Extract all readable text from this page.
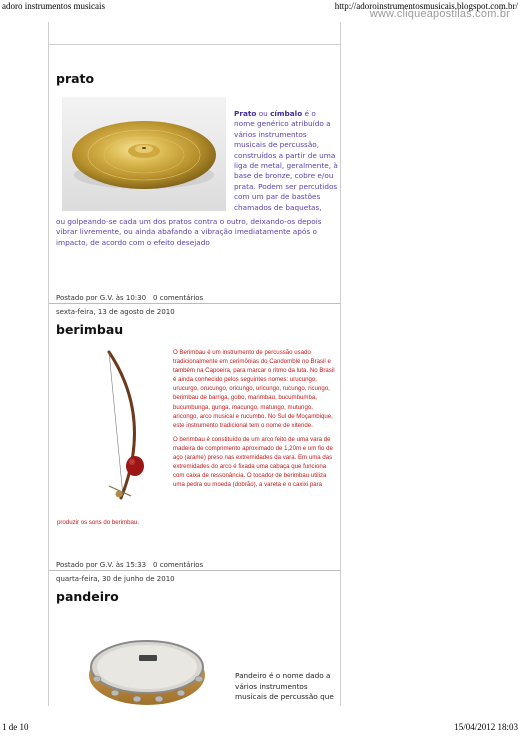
adoro instrumentos musicais	http://adoroinstrumentosmusicais.blogspot.com.br/
www.cliqueapostilas.com.br
prato
Prato ou címbalo é o nome genérico atribuído a vários instrumentos musicais de percussão, construídos a partir de uma liga de metal, geralmente, à base de bronze, cobre e/ou prata. Podem ser percutidos com um par de bastões chamados de baquetas,
ou golpeando-se cada um dos pratos contra o outro, deixando-os depois vibrar livremente, ou ainda abafando a vibração imediatamente após o impacto, de acordo com o efeito desejado
Postado por G.V. às 10:30 0 comentários
sexta-feira, 13 de agosto de 2010
berimbau

O Berimbau é um instrumento de percussão usado tradicionalmente em cerimônias do Candomblé no Brasil e também na Capoeira, para marcar o ritmo da luta. No Brasil é ainda conhecido pelos seguintes nomes: urucungo, urucurgo, orucungo, oricungo, uricungo, rucungo, ricungo, berimbau de barriga, gobo, marimbau, bucumbumba, bucumbunga, gunga, macungo, matungo, mutungo, aricongo, arco musical e rucumbo. No Sul de Moçambique, este instrumento tradicional tem o nome de xitende.

O berimbau é constituído de um arco feito de uma vara de madeira de comprimento aproximado de 1,20m e um fio de aço (arame) preso nas extremidades da vara. Em uma das extremidades do arco é fixada uma cabaça que funciona com caixa de ressonância. O tocador de berimbau utiliza uma pedra ou moeda (dobrão), a vareta e o caxixi para

produzir os sons do berimbau.
Postado por G.V. às 15:33 0 comentários
quarta-feira, 30 de junho de 2010
pandeiro
Pandeiro é o nome dado a vários instrumentos musicais de percussão que
1 de 10	15/04/2012 18:03
